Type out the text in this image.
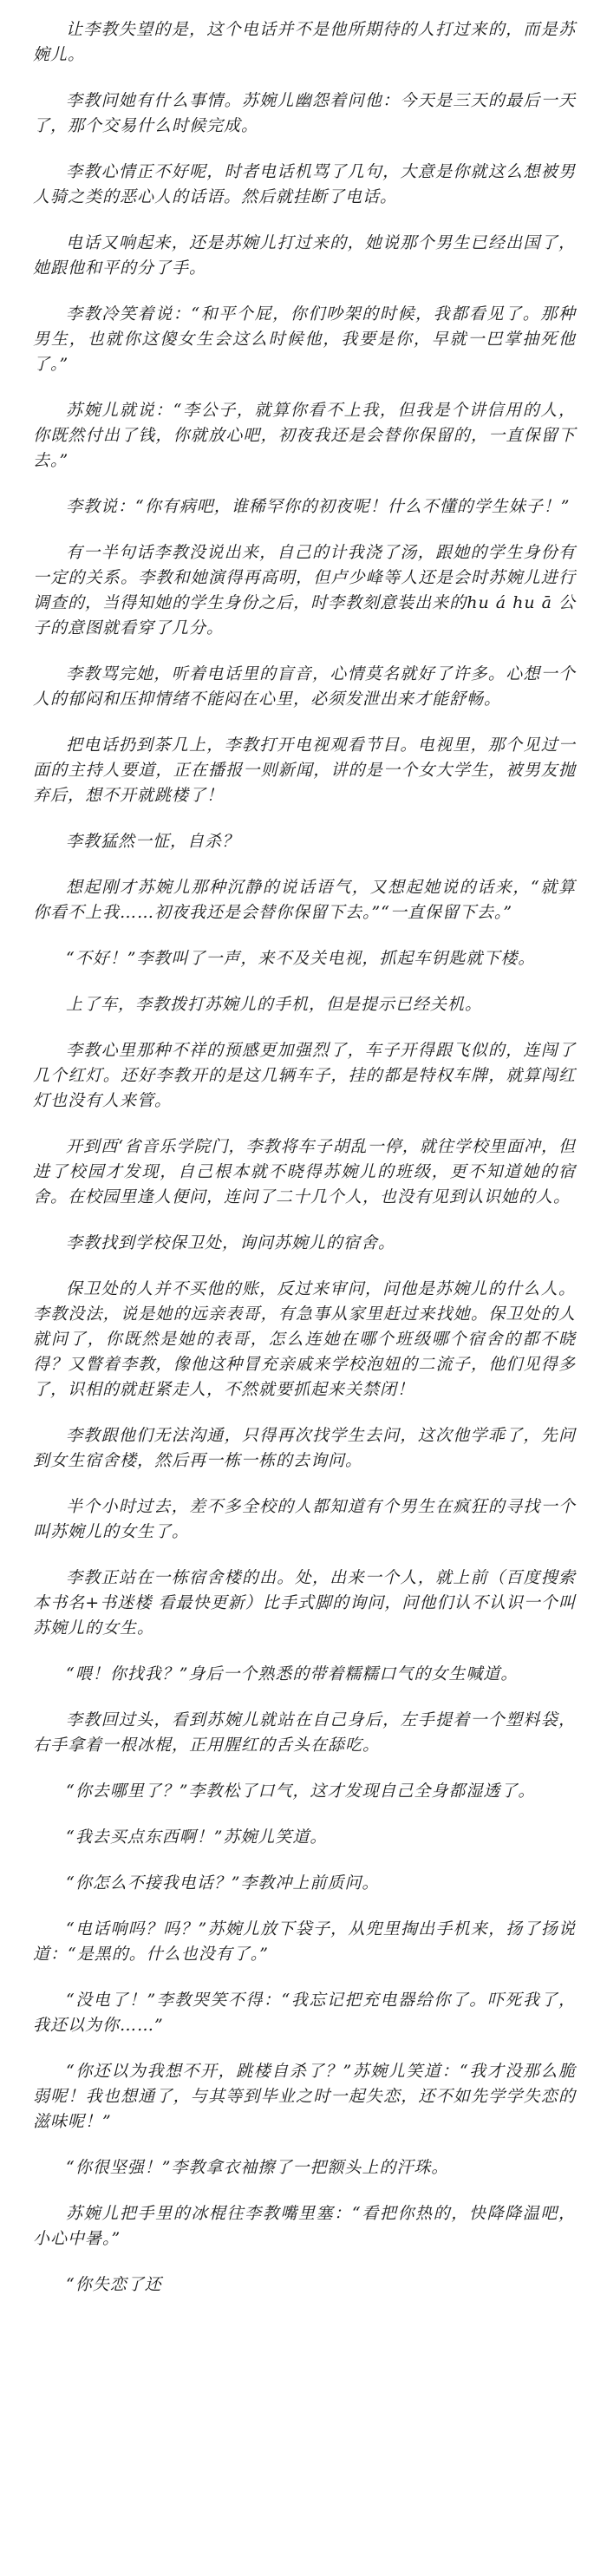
让李教失望的是，这个电话并不是他所期待的人打过来的，而是苏婉儿。

李教问她有什么事情。苏婉儿幽怨着问他：今天是三天的最后一天了，那个交易什么时候完成。

李教心情正不好呢，时者电话机骂了几句，大意是你就这么想被男人骑之类的恶心人的话语。然后就挂断了电话。

电话又响起来，还是苏婉儿打过来的，她说那个男生已经出国了，她跟他和平的分了手。

李教冷笑着说：“和平个屁，你们吵架的时候，我都看见了。那种男生，也就你这傻女生会这么时候他，我要是你，早就一巴掌抽死他了。”

苏婉儿就说：“李公子，就算你看不上我，但我是个讲信用的人，你既然付出了钱，你就放心吧，初夜我还是会替你保留的，一直保留下去。”

李教说：“你有病吧，谁稀罕你的初夜呢！什么不懂的学生妹子！”

有一半句话李教没说出来，自己的计我浇了汤，跟她的学生身份有一定的关系。李教和她演得再高明，但卢少峰等人还是会时苏婉儿进行调查的，当得知她的学生身份之后，时李教刻意装出来的hu á hu ā 公子的意图就看穿了几分。

李教骂完她，听着电话里的盲音，心情莫名就好了许多。心想一个人的郁闷和压抑情绪不能闷在心里，必须发泄出来才能舒畅。

把电话扔到茶几上，李教打开电视观看节目。电视里，那个见过一面的主持人要道，正在播报一则新闻，讲的是一个女大学生，被男友抛弃后，想不开就跳楼了！

李教猛然一怔，自杀？

想起刚才苏婉儿那种沉静的说话语气，又想起她说的话来，“就算你看不上我……初夜我还是会替你保留下去。”“一直保留下去。”

“不好！”李教叫了一声，来不及关电视，抓起车钥匙就下楼。

上了车，李教拨打苏婉儿的手机，但是提示已经关机。

李教心里那种不祥的预感更加强烈了，车子开得跟飞似的，连闯了几个红灯。还好李教开的是这几辆车子，挂的都是特权车牌，就算闯红灯也没有人来管。

开到西‘省音乐学院门，李教将车子胡乱一停，就往学校里面冲，但进了校园才发现，自己根本就不晓得苏婉儿的班级，更不知道她的宿舍。在校园里逢人便问，连问了二十几个人，也没有见到认识她的人。

李教找到学校保卫处，询问苏婉儿的宿舍。

保卫处的人并不买他的账，反过来审问，问他是苏婉儿的什么人。李教没法，说是她的远亲表哥，有急事从家里赶过来找她。保卫处的人就问了，你既然是她的表哥，怎么连她在哪个班级哪个宿舍的都不晓得？又瞥着李教，像他这种冒充亲戚来学校泡妞的二流子，他们见得多了，识相的就赶紧走人，不然就要抓起来关禁闭！

李教跟他们无法沟通，只得再次找学生去问，这次他学乖了，先问到女生宿舍楼，然后再一栋一栋的去询问。

半个小时过去，差不多全校的人都知道有个男生在疯狂的寻找一个叫苏婉儿的女生了。

李教正站在一栋宿舍楼的出。处，出来一个人，就上前（百度搜索本书名+书迷楼 看最快更新）比手式脚的询问，问他们认不认识一个叫苏婉儿的女生。

“喂！你找我？”身后一个熟悉的带着糯糯口气的女生喊道。

李教回过头，看到苏婉儿就站在自己身后，左手提着一个塑料袋，右手拿着一根冰棍，正用腥红的舌头在舔吃。

“你去哪里了？”李教松了口气，这才发现自己全身都湿透了。

“我去买点东西啊！”苏婉儿笑道。

“你怎么不接我电话？”李教冲上前质问。

“电话响吗？吗？”苏婉儿放下袋子，从兜里掏出手机来，扬了扬说道：“是黑的。什么也没有了。”

“没电了！”李教哭笑不得：“我忘记把充电器给你了。吓死我了，我还以为你……”

“你还以为我想不开，跳楼自杀了？”苏婉儿笑道：“我才没那么脆弱呢！我也想通了，与其等到毕业之时一起失恋，还不如先学学失恋的滋味呢！”

“你很坚强！”李教拿衣袖擦了一把额头上的汗珠。

苏婉儿把手里的冰棍往李教嘴里塞：“看把你热的，快降降温吧，小心中暑。”

“你失恋了还
